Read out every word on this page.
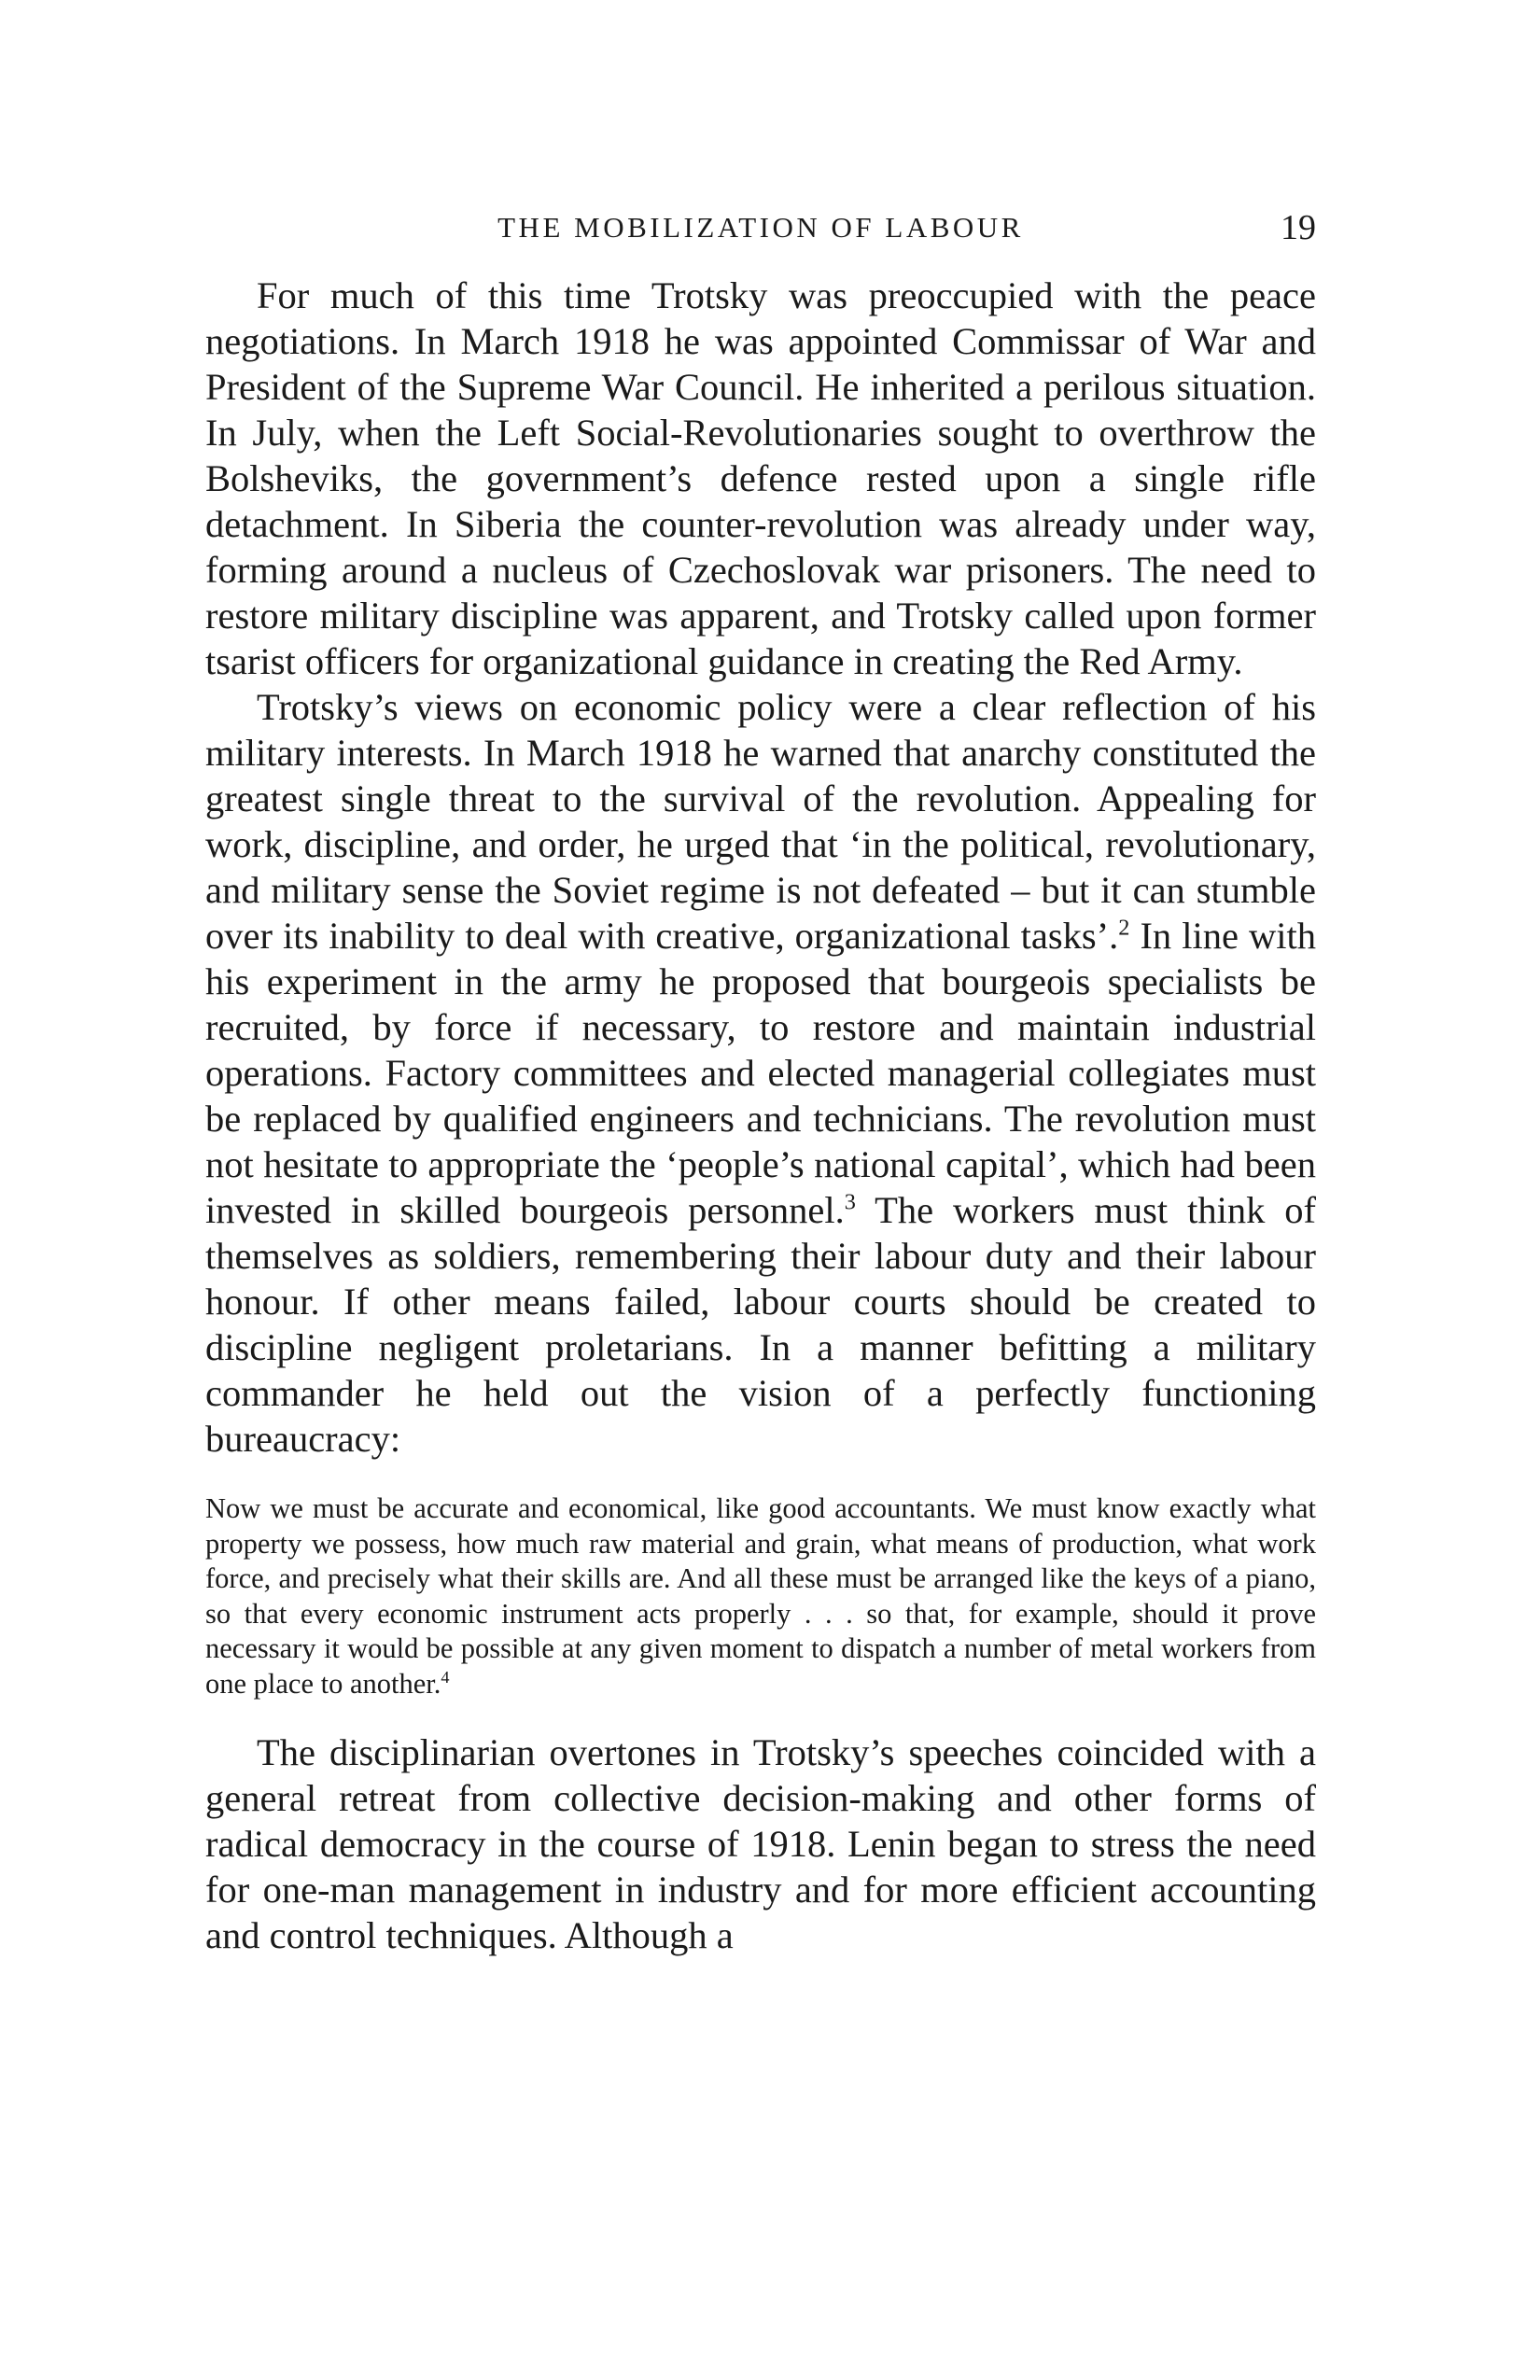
THE MOBILIZATION OF LABOUR	19

For much of this time Trotsky was preoccupied with the peace negotiations. In March 1918 he was appointed Commissar of War and President of the Supreme War Council. He inherited a perilous situation. In July, when the Left Social-Revolutionaries sought to overthrow the Bolsheviks, the government’s defence rested upon a single rifle detachment. In Siberia the counter-revolution was already under way, forming around a nucleus of Czechoslovak war prisoners. The need to restore military discipline was apparent, and Trotsky called upon former tsarist officers for organizational guidance in creating the Red Army.

Trotsky’s views on economic policy were a clear reflection of his military interests. In March 1918 he warned that anarchy constituted the greatest single threat to the survival of the revolution. Appealing for work, discipline, and order, he urged that ‘in the political, revolutionary, and military sense the Soviet regime is not defeated – but it can stumble over its inability to deal with creative, organizational tasks’.$^2$ In line with his experiment in the army he proposed that bourgeois specialists be recruited, by force if necessary, to restore and maintain industrial operations. Factory committees and elected managerial collegiates must be replaced by qualified engineers and technicians. The revolution must not hesitate to appropriate the ‘people’s national capital’, which had been invested in skilled bourgeois personnel.$^3$ The workers must think of themselves as soldiers, remembering their labour duty and their labour honour. If other means failed, labour courts should be created to discipline negligent proletarians. In a manner befitting a military commander he held out the vision of a perfectly functioning bureaucracy:

Now we must be accurate and economical, like good accountants. We must know exactly what property we possess, how much raw material and grain, what means of production, what work force, and precisely what their skills are. And all these must be arranged like the keys of a piano, so that every economic instrument acts properly . . . so that, for example, should it prove necessary it would be possible at any given moment to dispatch a number of metal workers from one place to another.$^4$

The disciplinarian overtones in Trotsky’s speeches coincided with a general retreat from collective decision-making and other forms of radical democracy in the course of 1918. Lenin began to stress the need for one-man management in industry and for more efficient accounting and control techniques. Although a
